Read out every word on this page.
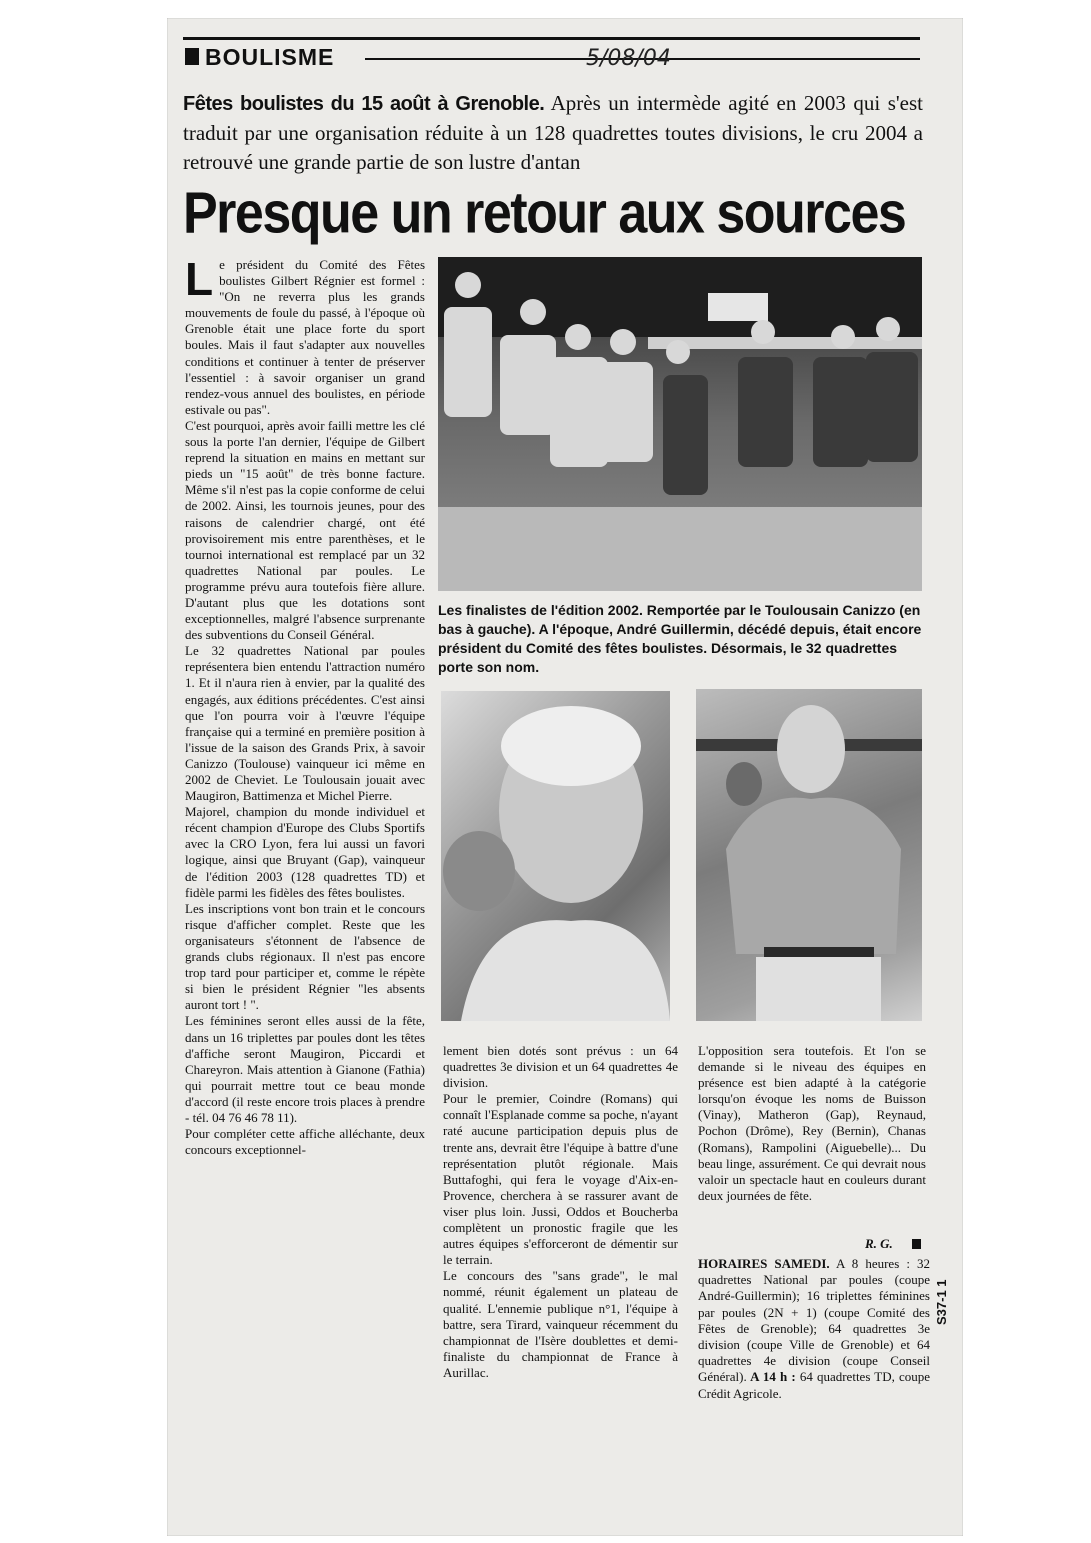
BOULISME	5/08/04
Fêtes boulistes du 15 août à Grenoble. Après un intermède agité en 2003 qui s'est traduit par une organisation réduite à un 128 quadrettes toutes divisions, le cru 2004 a retrouvé une grande partie de son lustre d'antan
Presque un retour aux sources

Le président du Comité des Fêtes boulistes Gilbert Régnier est formel : "On ne reverra plus les grands mouvements de foule du passé, à l'époque où Grenoble était une place forte du sport boules. Mais il faut s'adapter aux nouvelles conditions et continuer à tenter de préserver l'essentiel : à savoir organiser un grand rendez-vous annuel des boulistes, en période estivale ou pas".

C'est pourquoi, après avoir failli mettre les clé sous la porte l'an dernier, l'équipe de Gilbert reprend la situation en mains en mettant sur pieds un "15 août" de très bonne facture. Même s'il n'est pas la copie conforme de celui de 2002. Ainsi, les tournois jeunes, pour des raisons de calendrier chargé, ont été provisoirement mis entre parenthèses, et le tournoi international est remplacé par un 32 quadrettes National par poules. Le programme prévu aura toutefois fière allure. D'autant plus que les dotations sont exceptionnelles, malgré l'absence surprenante des subventions du Conseil Général.

Le 32 quadrettes National par poules représentera bien entendu l'attraction numéro 1. Et il n'aura rien à envier, par la qualité des engagés, aux éditions précédentes. C'est ainsi que l'on pourra voir à l'œuvre l'équipe française qui a terminé en première position à l'issue de la saison des Grands Prix, à savoir Canizzo (Toulouse) vainqueur ici même en 2002 de Cheviet. Le Toulousain jouait avec Maugiron, Battimenza et Michel Pierre.

Majorel, champion du monde individuel et récent champion d'Europe des Clubs Sportifs avec la CRO Lyon, fera lui aussi un favori logique, ainsi que Bruyant (Gap), vainqueur de l'édition 2003 (128 quadrettes TD) et fidèle parmi les fidèles des fêtes boulistes.

Les inscriptions vont bon train et le concours risque d'afficher complet. Reste que les organisateurs s'étonnent de l'absence de grands clubs régionaux. Il n'est pas encore trop tard pour participer et, comme le répète si bien le président Régnier "les absents auront tort ! ".

Les féminines seront elles aussi de la fête, dans un 16 triplettes par poules dont les têtes d'affiche seront Maugiron, Piccardi et Chareyron. Mais attention à Gianone (Fathia) qui pourrait mettre tout ce beau monde d'accord (il reste encore trois places à prendre - tél. 04 76 46 78 11).

Pour compléter cette affiche alléchante, deux concours exceptionnel-

Les finalistes de l'édition 2002. Remportée par le Toulousain Canizzo (en bas à gauche). A l'époque, André Guillermin, décédé depuis, était encore président du Comité des fêtes boulistes. Désormais, le 32 quadrettes porte son nom.

lement bien dotés sont prévus : un 64 quadrettes 3e division et un 64 quadrettes 4e division.

Pour le premier, Coindre (Romans) qui connaît l'Esplanade comme sa poche, n'ayant raté aucune participation depuis plus de trente ans, devrait être l'équipe à battre d'une représentation plutôt régionale. Mais Buttafoghi, qui fera le voyage d'Aix-en-Provence, cherchera à se rassurer avant de viser plus loin. Jussi, Oddos et Boucherba complètent un pronostic fragile que les autres équipes s'efforceront de démentir sur le terrain.

Le concours des "sans grade", le mal nommé, réunit également un plateau de qualité. L'ennemie publique n°1, l'équipe à battre, sera Tirard, vainqueur récemment du championnat de l'Isère doublettes et demi-finaliste du championnat de France à Aurillac.

L'opposition sera toutefois. Et l'on se demande si le niveau des équipes en présence est bien adapté à la catégorie lorsqu'on évoque les noms de Buisson (Vinay), Matheron (Gap), Reynaud, Pochon (Drôme), Rey (Bernin), Chanas (Romans), Rampolini (Aiguebelle)... Du beau linge, assurément. Ce qui devrait nous valoir un spectacle haut en couleurs durant deux journées de fête.

R. G.
HORAIRES SAMEDI. A 8 heures : 32 quadrettes National par poules (coupe André-Guillermin); 16 triplettes féminines par poules (2N + 1) (coupe Comité des Fêtes de Grenoble); 64 quadrettes 3e division (coupe Ville de Grenoble) et 64 quadrettes 4e division (coupe Conseil Général). A 14 h : 64 quadrettes TD, coupe Crédit Agricole.
S37-1 1
